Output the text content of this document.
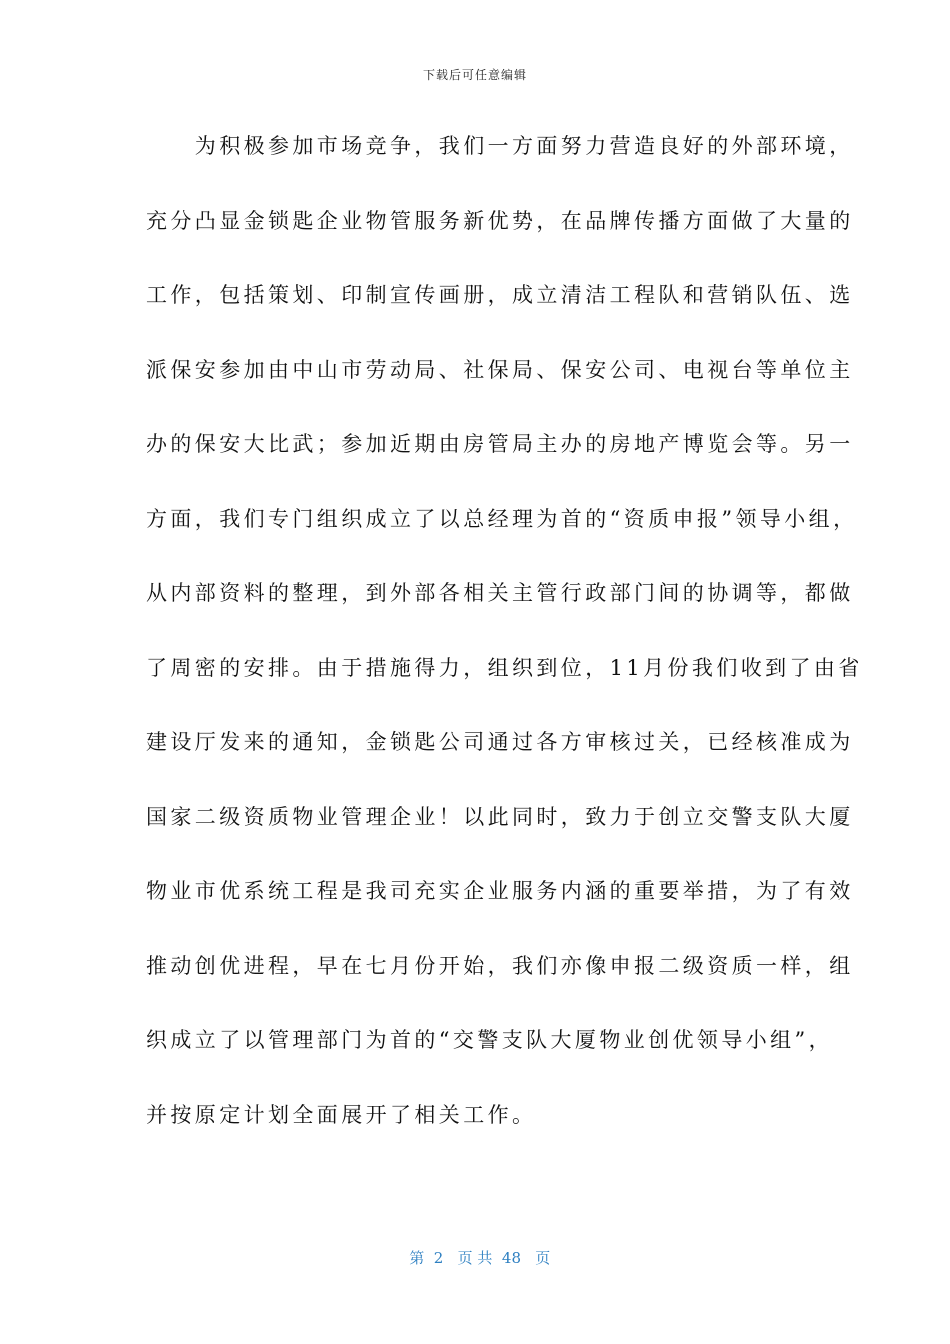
下载后可任意编辑
　　为积极参加市场竞争，我们一方面努力营造良好的外部环境，
充分凸显金锁匙企业物管服务新优势，在品牌传播方面做了大量的
工作，包括策划、印制宣传画册，成立清洁工程队和营销队伍、选
派保安参加由中山市劳动局、社保局、保安公司、电视台等单位主
办的保安大比武；参加近期由房管局主办的房地产博览会等。另一
方面，我们专门组织成立了以总经理为首的“资质申报”领导小组，
从内部资料的整理，到外部各相关主管行政部门间的协调等，都做
了周密的安排。由于措施得力，组织到位，11月份我们收到了由省
建设厅发来的通知，金锁匙公司通过各方审核过关，已经核准成为
国家二级资质物业管理企业！以此同时，致力于创立交警支队大厦
物业市优系统工程是我司充实企业服务内涵的重要举措，为了有效
推动创优进程，早在七月份开始，我们亦像申报二级资质一样，组
织成立了以管理部门为首的“交警支队大厦物业创优领导小组”，
并按原定计划全面展开了相关工作。

第  2   页 共  48   页
